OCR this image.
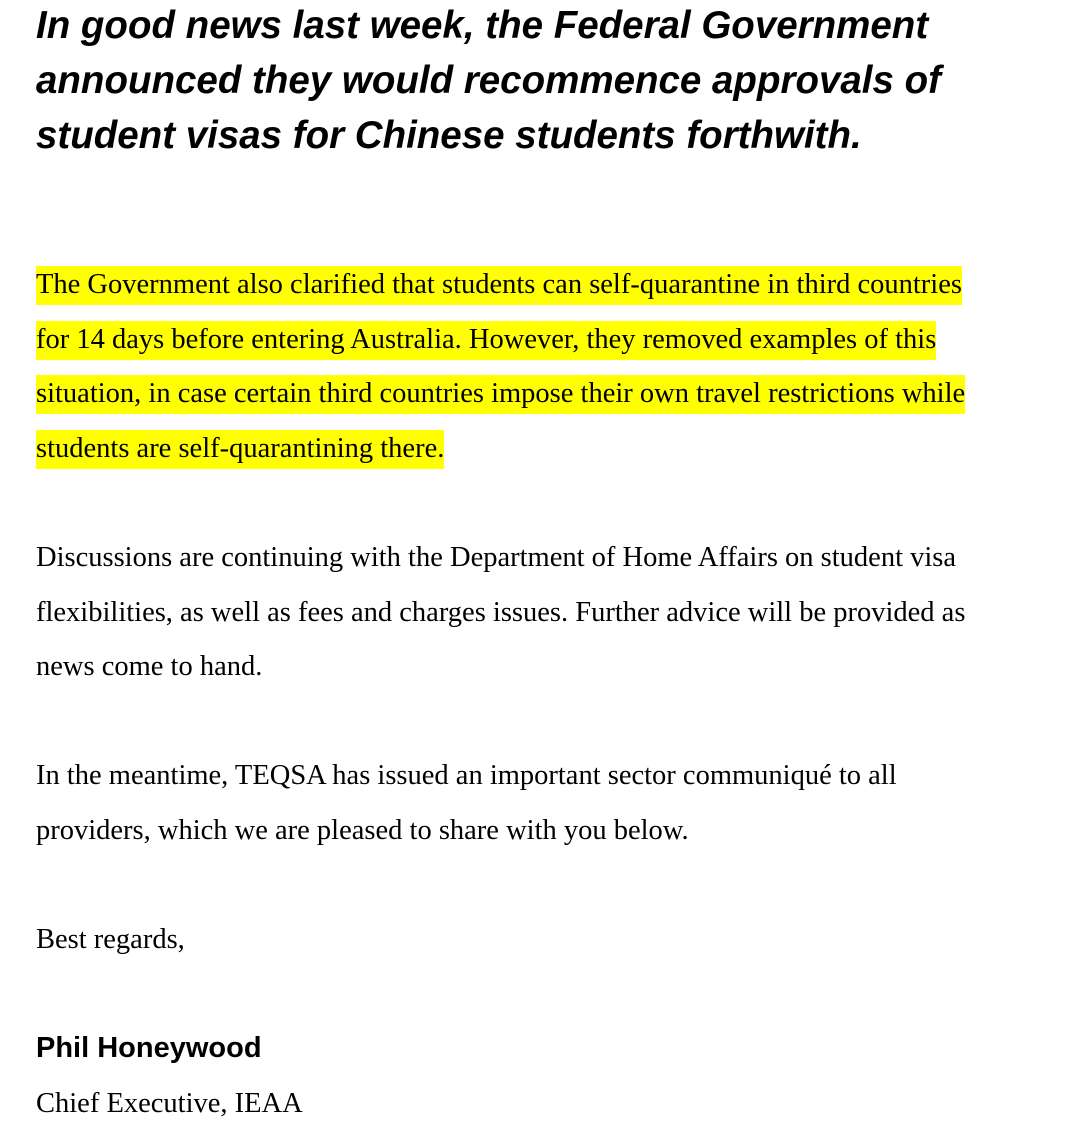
In good news last week, the Federal Government
announced they would recommence approvals of
student visas for Chinese students forthwith.

The Government also clarified that students can self-quarantine in third countries
for 14 days before entering Australia. However, they removed examples of this
situation, in case certain third countries impose their own travel restrictions while
students are self-quarantining there.

Discussions are continuing with the Department of Home Affairs on student visa
flexibilities, as well as fees and charges issues. Further advice will be provided as
news come to hand.

In the meantime, TEQSA has issued an important sector communiqué to all
providers, which we are pleased to share with you below.

Best regards,

Phil Honeywood

Chief Executive, IEAA
